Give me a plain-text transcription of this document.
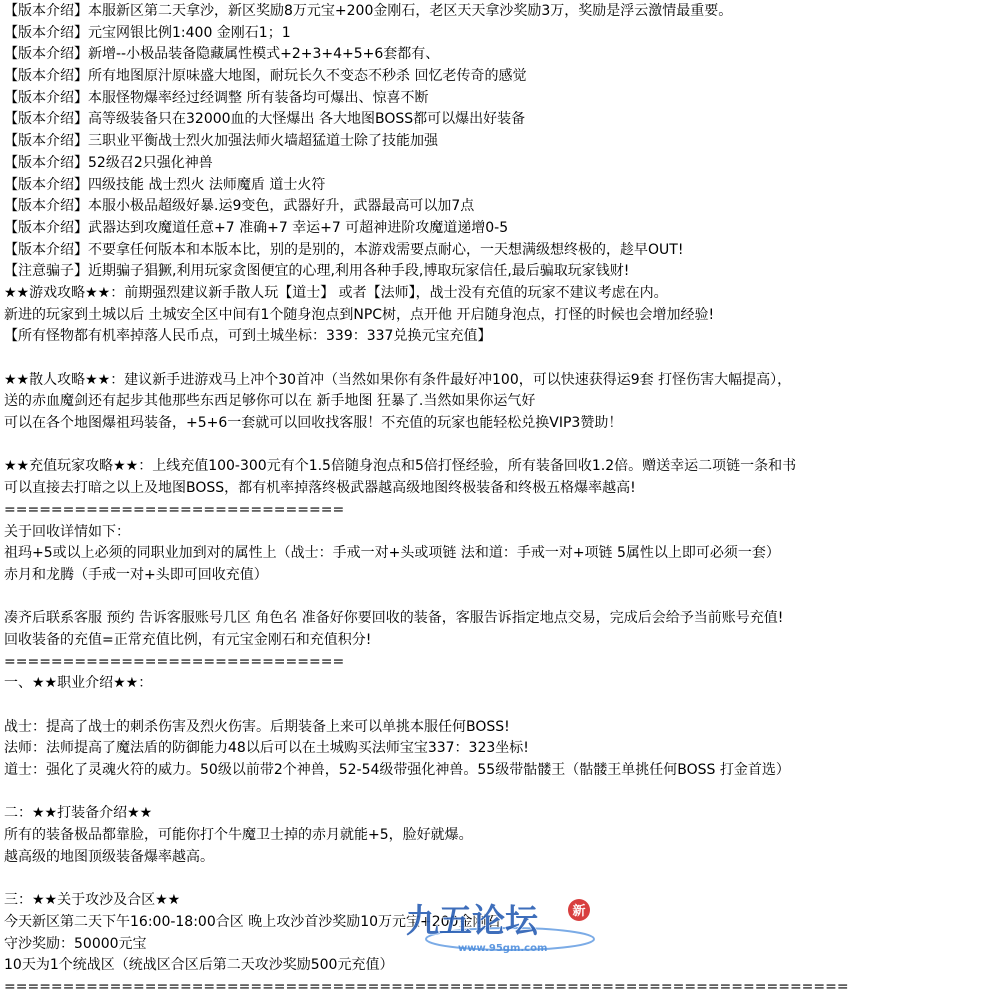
【版本介绍】本服新区第二天拿沙，新区奖励8万元宝+200金刚石，老区天天拿沙奖励3万，奖励是浮云激情最重要。
【版本介绍】元宝网银比例1:400 金刚石1；1
【版本介绍】新增--小极品装备隐藏属性模式+2+3+4+5+6套都有、
【版本介绍】所有地图原汁原味盛大地图，耐玩长久不变态不秒杀 回忆老传奇的感觉
【版本介绍】本服怪物爆率经过经调整 所有装备均可爆出、惊喜不断
【版本介绍】高等级装备只在32000血的大怪爆出 各大地图BOSS都可以爆出好装备
【版本介绍】三职业平衡战士烈火加强法师火墙超猛道士除了技能加强
【版本介绍】52级召2只强化神兽
【版本介绍】四级技能 战士烈火 法师魔盾 道士火符
【版本介绍】本服小极品超级好暴.运9变色，武器好升，武器最高可以加7点
【版本介绍】武器达到攻魔道任意+7 准确+7 幸运+7 可超神进阶攻魔道递增0-5
【版本介绍】不要拿任何版本和本版本比，别的是别的，本游戏需要点耐心，一天想满级想终极的，趁早OUT!
【注意骗子】近期骗子猖獗,利用玩家贪图便宜的心理,利用各种手段,博取玩家信任,最后骗取玩家钱财!
★★游戏攻略★★：前期强烈建议新手散人玩【道士】 或者【法师】，战士没有充值的玩家不建议考虑在内。
新进的玩家到土城以后 土城安全区中间有1个随身泡点到NPC树，点开他 开启随身泡点，打怪的时候也会增加经验!
【所有怪物都有机率掉落人民币点，可到土城坐标：339：337兑换元宝充值】

★★散人攻略★★：建议新手进游戏马上冲个30首冲（当然如果你有条件最好冲100，可以快速获得运9套 打怪伤害大幅提高），
送的赤血魔剑还有起步其他那些东西足够你可以在 新手地图 狂暴了.当然如果你运气好
可以在各个地图爆祖玛装备，+5+6一套就可以回收找客服！不充值的玩家也能轻松兑换VIP3赞助！

★★充值玩家攻略★★：上线充值100-300元有个1.5倍随身泡点和5倍打怪经验，所有装备回收1.2倍。赠送幸运二项链一条和书
可以直接去打暗之以上及地图BOSS，都有机率掉落终极武器越高级地图终极装备和终极五格爆率越高!
=============================
关于回收详情如下：
祖玛+5或以上必须的同职业加到对的属性上（战士：手戒一对+头或项链 法和道：手戒一对+项链 5属性以上即可必须一套）
赤月和龙腾（手戒一对+头即可回收充值）

凑齐后联系客服 预约 告诉客服账号几区 角色名 准备好你要回收的装备，客服告诉指定地点交易，完成后会给予当前账号充值!
回收装备的充值=正常充值比例，有元宝金刚石和充值积分!
=============================
一、★★职业介绍★★：

战士：提高了战士的刺杀伤害及烈火伤害。后期装备上来可以单挑本服任何BOSS!
法师：法师提高了魔法盾的防御能力48以后可以在土城购买法师宝宝337：323坐标!
道士：强化了灵魂火符的威力。50级以前带2个神兽，52-54级带强化神兽。55级带骷髅王（骷髅王单挑任何BOSS 打金首选）

二：★★打装备介绍★★
所有的装备极品都靠脸，可能你打个牛魔卫士掉的赤月就能+5，脸好就爆。
越高级的地图顶级装备爆率越高。

三：★★关于攻沙及合区★★
今天新区第二天下午16:00-18:00合区 晚上攻沙首沙奖励10万元宝+200金刚石
守沙奖励：50000元宝
10天为1个统战区（统战区合区后第二天攻沙奖励500元充值）
========================================================================
九五论坛
www.95gm.com
新
